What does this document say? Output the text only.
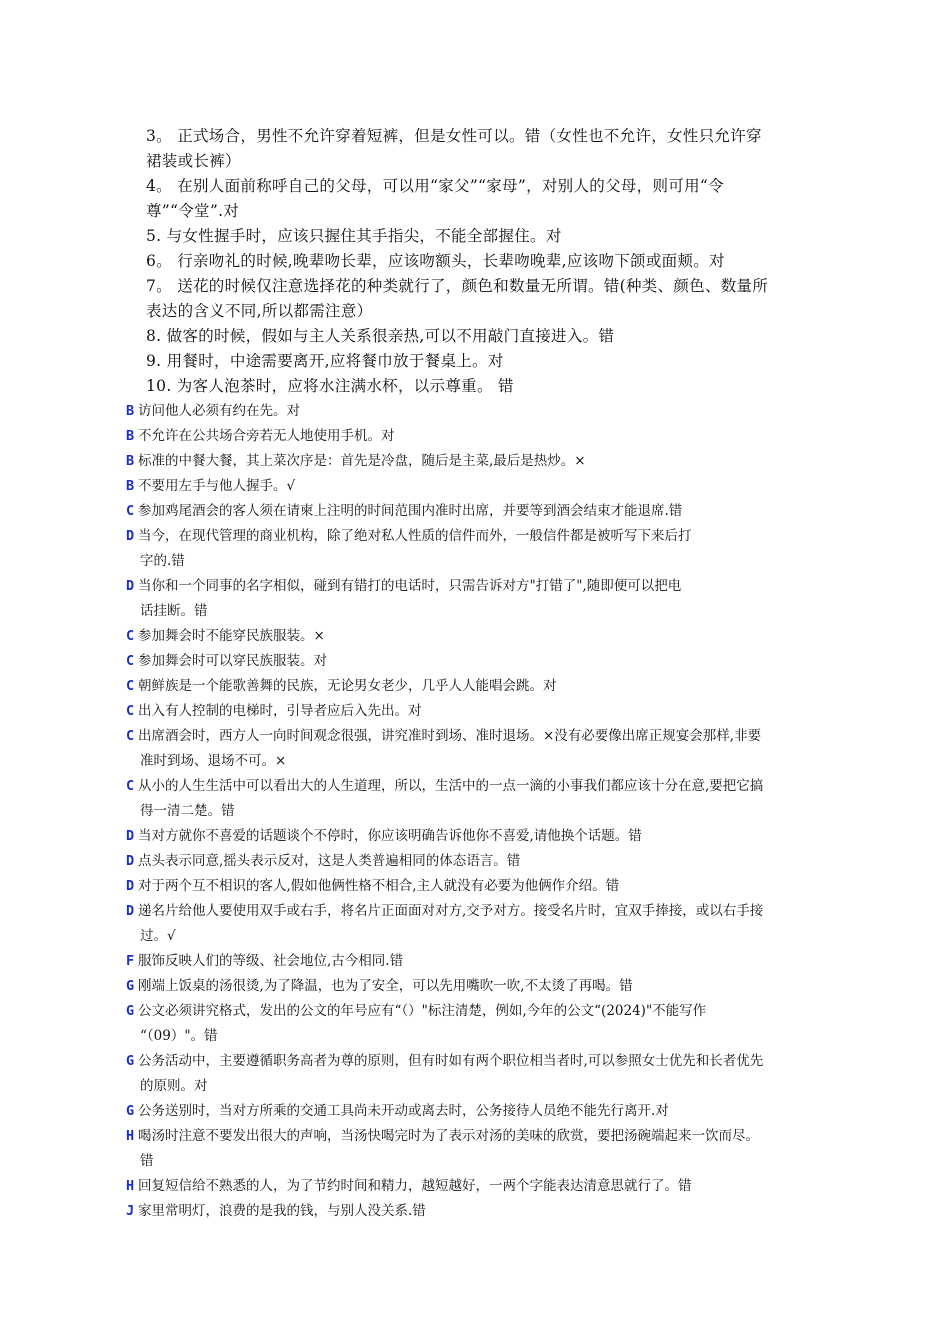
3。 正式场合，男性不允许穿着短裤，但是女性可以。错（女性也不允许，女性只允许穿
裙装或长裤）
4。 在别人面前称呼自己的父母，可以用“家父”“家母”，对别人的父母，则可用“令
尊”“令堂”.对
5. 与女性握手时，应该只握住其手指尖，不能全部握住。对
6。 行亲吻礼的时候,晚辈吻长辈，应该吻额头，长辈吻晚辈,应该吻下颌或面颊。对
7。 送花的时候仅注意选择花的种类就行了，颜色和数量无所谓。错(种类、颜色、数量所
表达的含义不同,所以都需注意）
8. 做客的时候，假如与主人关系很亲热,可以不用敲门直接进入。错
9. 用餐时，中途需要离开,应将餐巾放于餐桌上。对
10. 为客人泡茶时，应将水注满水杯，以示尊重。 错
B 访问他人必须有约在先。对
B 不允许在公共场合旁若无人地使用手机。对
B 标准的中餐大餐，其上菜次序是：首先是冷盘，随后是主菜,最后是热炒。×
B 不要用左手与他人握手。√
C 参加鸡尾酒会的客人须在请柬上注明的时间范围内准时出席，并要等到酒会结束才能退席.错
D 当今，在现代管理的商业机构，除了绝对私人性质的信件而外，一般信件都是被听写下来后打
字的.错
D 当你和一个同事的名字相似，碰到有错打的电话时，只需告诉对方"打错了",随即便可以把电
话挂断。错
C 参加舞会时不能穿民族服装。×
C 参加舞会时可以穿民族服装。对
C 朝鲜族是一个能歌善舞的民族，无论男女老少，几乎人人能唱会跳。对
C 出入有人控制的电梯时，引导者应后入先出。对
C 出席酒会时，西方人一向时间观念很强，讲究准时到场、准时退场。×没有必要像出席正规宴会那样,非要
准时到场、退场不可。×
C 从小的人生生活中可以看出大的人生道理，所以，生活中的一点一滴的小事我们都应该十分在意,要把它搞
得一清二楚。错
D 当对方就你不喜爱的话题谈个不停时，你应该明确告诉他你不喜爱,请他换个话题。错
D 点头表示同意,摇头表示反对，这是人类普遍相同的体态语言。错
D 对于两个互不相识的客人,假如他俩性格不相合,主人就没有必要为他俩作介绍。错
D 递名片给他人要使用双手或右手，将名片正面面对对方,交予对方。接受名片时，宜双手捧接，或以右手接
过。√
F 服饰反映人们的等级、社会地位,古今相同.错
G 刚端上饭桌的汤很烫,为了降温，也为了安全，可以先用嘴吹一吹,不太烫了再喝。错
G 公文必须讲究格式，发出的公文的年号应有“（）"标注清楚，例如,今年的公文“(2024)"不能写作
“（09）"。错
G 公务活动中，主要遵循职务高者为尊的原则，但有时如有两个职位相当者时,可以参照女士优先和长者优先
的原则。对
G 公务送别时，当对方所乘的交通工具尚未开动或离去时，公务接待人员绝不能先行离开.对
H 喝汤时注意不要发出很大的声响，当汤快喝完时为了表示对汤的美味的欣赏，要把汤碗端起来一饮而尽。
错
H 回复短信给不熟悉的人，为了节约时间和精力，越短越好，一两个字能表达清意思就行了。错
J 家里常明灯，浪费的是我的钱，与别人没关系.错
